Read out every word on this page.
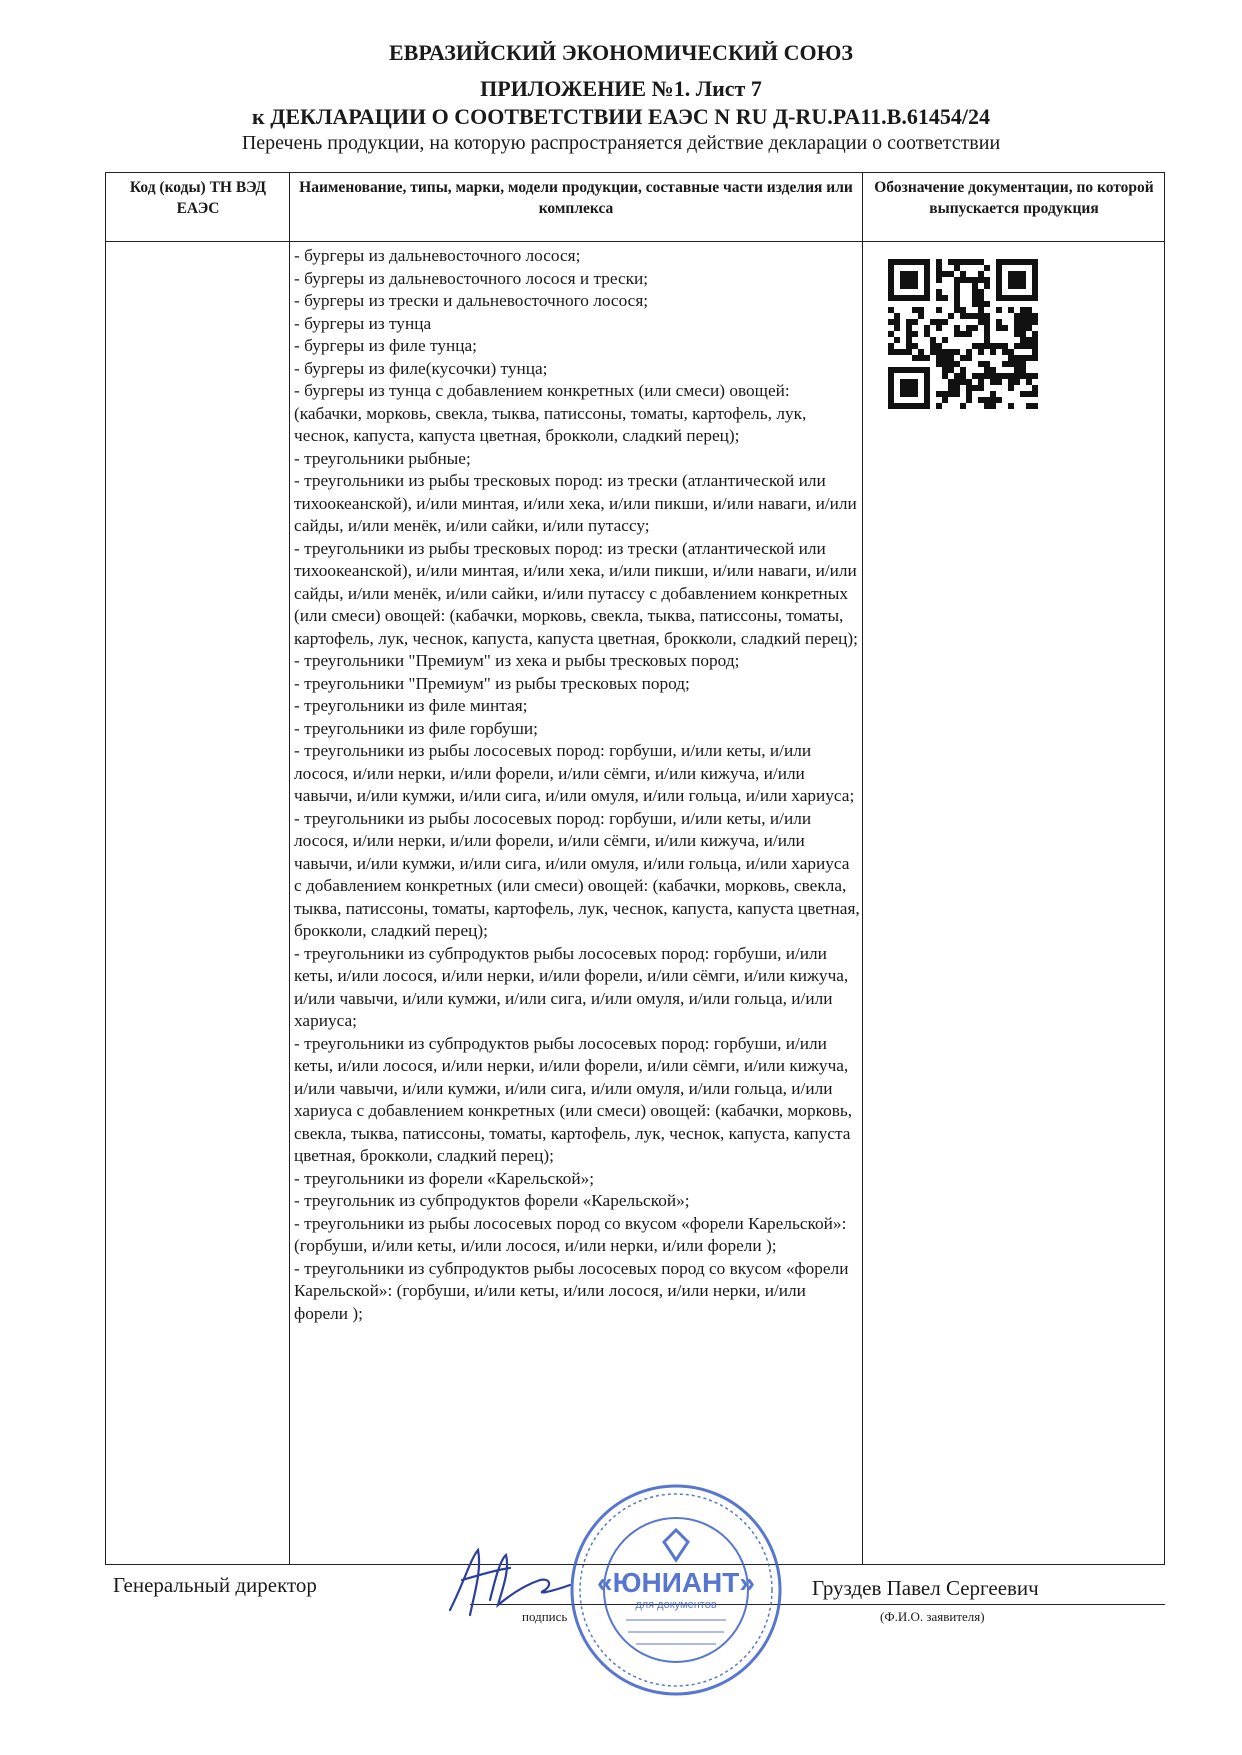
ЕВРАЗИЙСКИЙ ЭКОНОМИЧЕСКИЙ СОЮЗ
ПРИЛОЖЕНИЕ №1. Лист 7
к ДЕКЛАРАЦИИ О СООТВЕТСТВИИ ЕАЭС N RU Д-RU.PA11.B.61454/24
Перечень продукции, на которую распространяется действие декларации о соответствии
Код (коды) ТН ВЭД ЕАЭС
Наименование, типы, марки, модели продукции, составные части изделия или комплекса
Обозначение документации, по которой выпускается продукция
- бургеры из дальневосточного лосося;
- бургеры из дальневосточного лосося и трески;
- бургеры из трески и дальневосточного лосося;
- бургеры из тунца
- бургеры из филе тунца;
- бургеры из филе(кусочки) тунца;
- бургеры из тунца с добавлением конкретных (или смеси) овощей: (кабачки, морковь, свекла, тыква, патиссоны, томаты, картофель, лук, чеснок, капуста, капуста цветная, брокколи, сладкий перец);
- треугольники рыбные;
- треугольники из рыбы тресковых пород: из трески (атлантической или тихоокеанской), и/или минтая, и/или хека, и/или пикши, и/или наваги, и/или сайды, и/или менёк, и/или сайки, и/или путассу;
- треугольники из рыбы тресковых пород: из трески (атлантической или тихоокеанской), и/или минтая, и/или хека, и/или пикши, и/или наваги, и/или сайды, и/или менёк, и/или сайки, и/или путассу с добавлением конкретных (или смеси) овощей: (кабачки, морковь, свекла, тыква, патиссоны, томаты, картофель, лук, чеснок, капуста, капуста цветная, брокколи, сладкий перец);
- треугольники "Премиум" из хека и рыбы тресковых пород;
- треугольники "Премиум" из рыбы тресковых пород;
- треугольники из филе минтая;
- треугольники из филе горбуши;
- треугольники из рыбы лососевых пород: горбуши, и/или кеты, и/или лосося, и/или нерки, и/или форели, и/или сёмги, и/или кижуча, и/или чавычи, и/или кумжи, и/или сига, и/или омуля, и/или гольца, и/или хариуса;
- треугольники из рыбы лососевых пород: горбуши, и/или кеты, и/или лосося, и/или нерки, и/или форели, и/или сёмги, и/или кижуча, и/или чавычи, и/или кумжи, и/или сига, и/или омуля, и/или гольца, и/или хариуса с добавлением конкретных (или смеси) овощей: (кабачки, морковь, свекла, тыква, патиссоны, томаты, картофель, лук, чеснок, капуста, капуста цветная, брокколи, сладкий перец);
- треугольники из субпродуктов рыбы лососевых пород: горбуши, и/или кеты, и/или лосося, и/или нерки, и/или форели, и/или сёмги, и/или кижуча, и/или чавычи, и/или кумжи, и/или сига, и/или омуля, и/или гольца, и/или хариуса;
- треугольники из субпродуктов рыбы лососевых пород: горбуши, и/или кеты, и/или лосося, и/или нерки, и/или форели, и/или сёмги, и/или кижуча, и/или чавычи, и/или кумжи, и/или сига, и/или омуля, и/или гольца, и/или хариуса с добавлением конкретных (или смеси) овощей: (кабачки, морковь, свекла, тыква, патиссоны, томаты, картофель, лук, чеснок, капуста, капуста цветная, брокколи, сладкий перец);
- треугольники из форели «Карельской»;
- треугольник из субпродуктов форели «Карельской»;
- треугольники из рыбы лососевых пород со вкусом «форели Карельской»: (горбуши, и/или кеты, и/или лосося, и/или нерки, и/или форели );
- треугольники из субпродуктов рыбы лососевых пород со вкусом «форели Карельской»: (горбуши, и/или кеты, и/или лосося, и/или нерки, и/или форели );
Генеральный директор	Груздев Павел Сергеевич
подпись	(Ф.И.О. заявителя)
«ЮНИАНТ»
для документов
